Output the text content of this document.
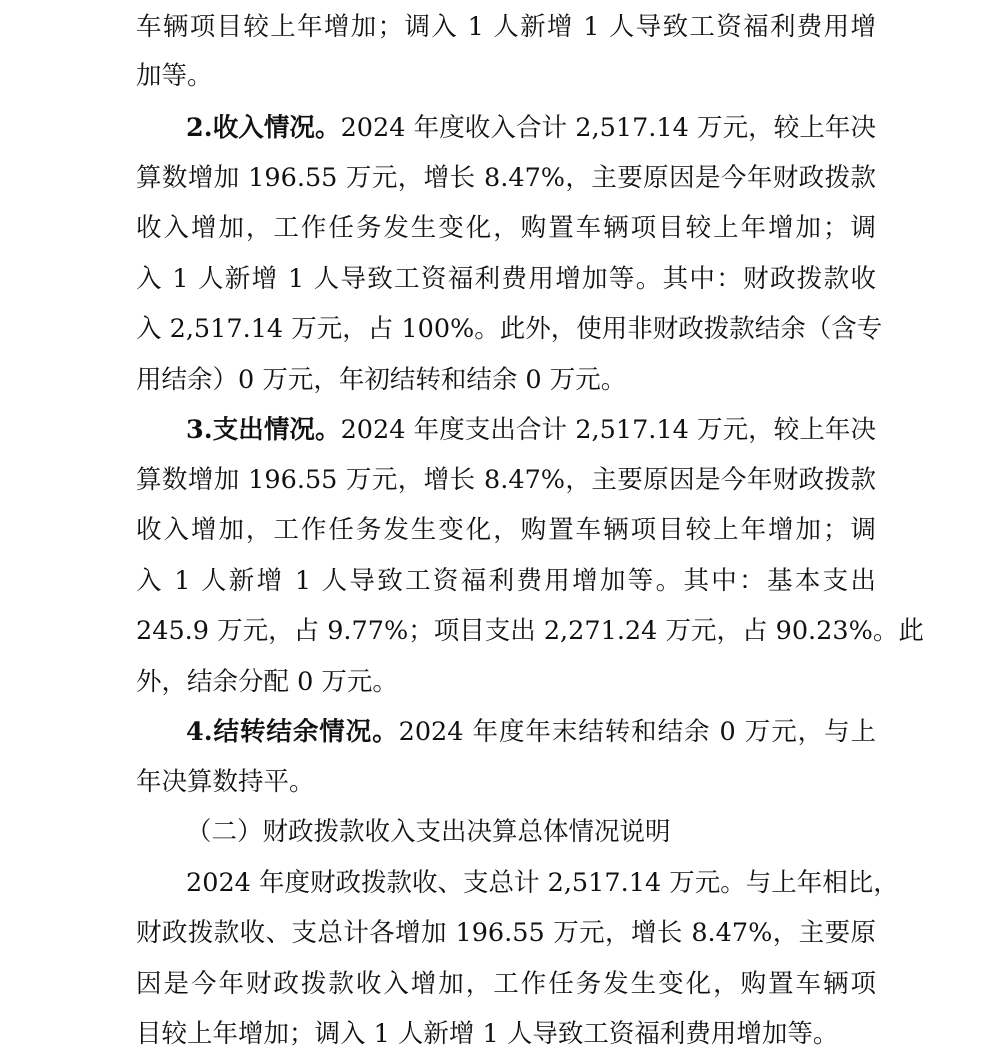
车辆项目较上年增加；调入 1 人新增 1 人导致工资福利费用增
加等。
2.收入情况。2024 年度收入合计 2,517.14 万元，较上年决
算数增加 196.55 万元，增长 8.47%，主要原因是今年财政拨款
收入增加，工作任务发生变化，购置车辆项目较上年增加；调
入 1 人新增 1 人导致工资福利费用增加等。其中：财政拨款收
入 2,517.14 万元，占 100%。此外，使用非财政拨款结余（含专
用结余）0 万元，年初结转和结余 0 万元。
3.支出情况。2024 年度支出合计 2,517.14 万元，较上年决
算数增加 196.55 万元，增长 8.47%，主要原因是今年财政拨款
收入增加，工作任务发生变化，购置车辆项目较上年增加；调
入 1 人新增 1 人导致工资福利费用增加等。其中：基本支出
245.9 万元，占 9.77%；项目支出 2,271.24 万元，占 90.23%。此
外，结余分配 0 万元。
4.结转结余情况。2024 年度年末结转和结余 0 万元，与上
年决算数持平。
（二）财政拨款收入支出决算总体情况说明
2024 年度财政拨款收、支总计 2,517.14 万元。与上年相比，
财政拨款收、支总计各增加 196.55 万元，增长 8.47%，主要原
因是今年财政拨款收入增加，工作任务发生变化，购置车辆项
目较上年增加；调入 1 人新增 1 人导致工资福利费用增加等。
